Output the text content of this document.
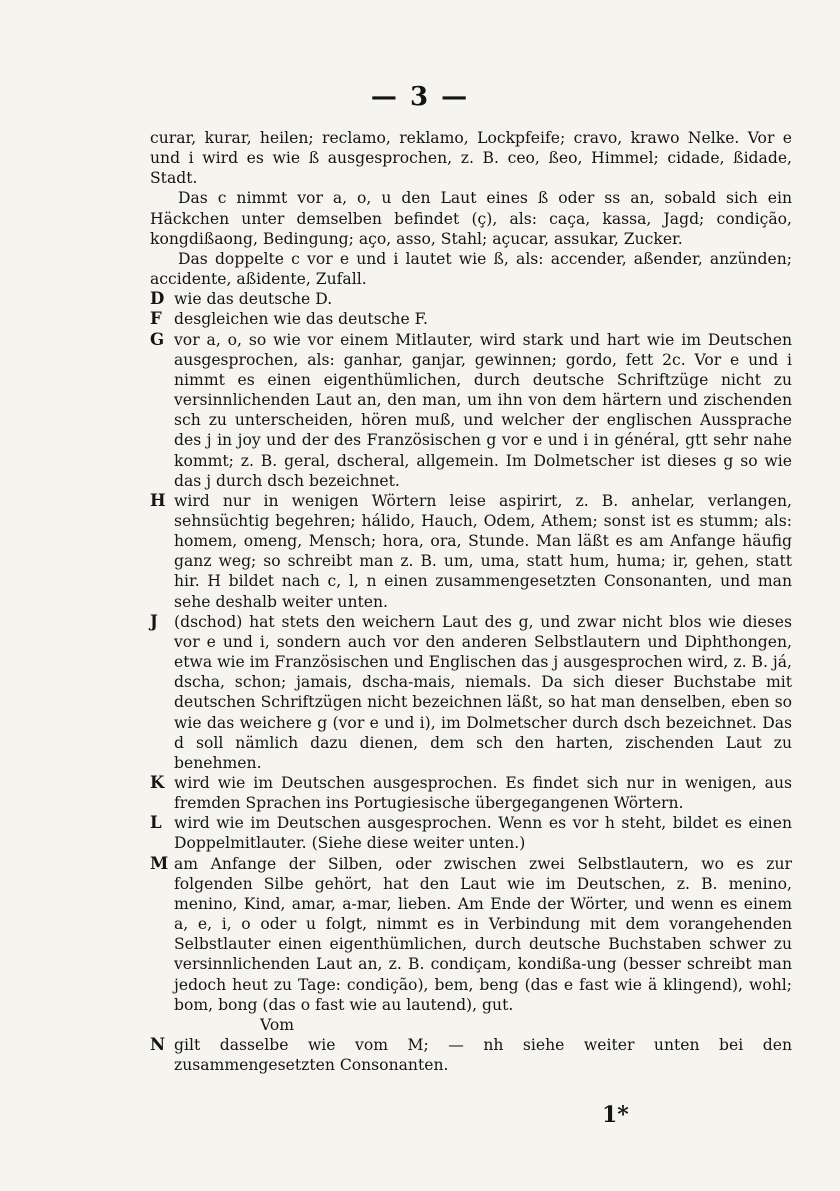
— 3 —

curar, kurar, heilen; reclamo, reklamo, Lockpfeife; cravo, krawo Nelke. Vor e und i wird es wie ß ausgesprochen, z. B. ceo, ßeo, Himmel; cidade, ßidade, Stadt.

Das c nimmt vor a, o, u den Laut eines ß oder ss an, sobald sich ein Häckchen unter demselben befindet (ç), als: caça, kassa, Jagd; condição, kongdißaong, Bedingung; aço, asso, Stahl; açucar, assukar, Zucker.

Das doppelte c vor e und i lautet wie ß, als: accender, aßender, anzünden; accidente, aßidente, Zufall.

D wie das deutsche D.
F desgleichen wie das deutsche F.
G vor a, o, so wie vor einem Mitlauter, wird stark und hart wie im Deutschen ausgesprochen, als: ganhar, ganjar, gewinnen; gordo, fett 2c. Vor e und i nimmt es einen eigenthümlichen, durch deutsche Schriftzüge nicht zu versinnlichenden Laut an, den man, um ihn von dem härtern und zischenden sch zu unterscheiden, hören muß, und welcher der englischen Aussprache des j in joy und der des Französischen g vor e und i in général, gtt sehr nahe kommt; z. B. geral, dscheral, allgemein. Im Dolmetscher ist dieses g so wie das j durch dsch bezeichnet.
H wird nur in wenigen Wörtern leise aspirirt, z. B. anhelar, verlangen, sehnsüchtig begehren; hálido, Hauch, Odem, Athem; sonst ist es stumm; als: homem, omeng, Mensch; hora, ora, Stunde. Man läßt es am Anfange häufig ganz weg; so schreibt man z. B. um, uma, statt hum, huma; ir, gehen, statt hir. H bildet nach c, l, n einen zusammengesetzten Consonanten, und man sehe deshalb weiter unten.
J (dschod) hat stets den weichern Laut des g, und zwar nicht blos wie dieses vor e und i, sondern auch vor den anderen Selbstlautern und Diphthongen, etwa wie im Französischen und Englischen das j ausgesprochen wird, z. B. já, dscha, schon; jamais, dscha-mais, niemals. Da sich dieser Buchstabe mit deutschen Schriftzügen nicht bezeichnen läßt, so hat man denselben, eben so wie das weichere g (vor e und i), im Dolmetscher durch dsch bezeichnet. Das d soll nämlich dazu dienen, dem sch den harten, zischenden Laut zu benehmen.
K wird wie im Deutschen ausgesprochen. Es findet sich nur in wenigen, aus fremden Sprachen ins Portugiesische übergegangenen Wörtern.
L wird wie im Deutschen ausgesprochen. Wenn es vor h steht, bildet es einen Doppelmitlauter. (Siehe diese weiter unten.)
M am Anfange der Silben, oder zwischen zwei Selbstlautern, wo es zur folgenden Silbe gehört, hat den Laut wie im Deutschen, z. B. menino, menino, Kind, amar, a-mar, lieben. Am Ende der Wörter, und wenn es einem a, e, i, o oder u folgt, nimmt es in Verbindung mit dem vorangehenden Selbstlauter einen eigenthümlichen, durch deutsche Buchstaben schwer zu versinnlichenden Laut an, z. B. condiçam, kondißa-ung (besser schreibt man jedoch heut zu Tage: condição), bem, beng (das e fast wie ä klingend), wohl; bom, bong (das o fast wie au lautend), gut.

Vom

N gilt dasselbe wie vom M; — nh siehe weiter unten bei den zusammengesetzten Consonanten.
1*
